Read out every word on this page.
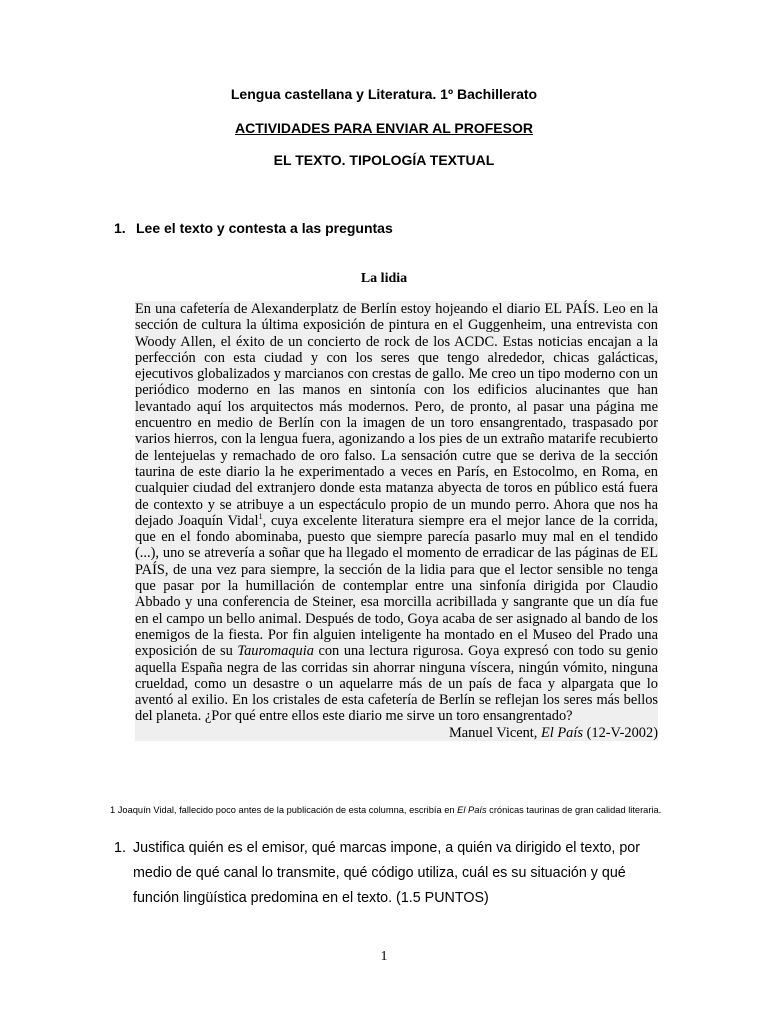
Lengua castellana y Literatura. 1º Bachillerato
ACTIVIDADES PARA ENVIAR AL PROFESOR
EL TEXTO. TIPOLOGÍA TEXTUAL
1. Lee el texto y contesta a las preguntas
La lidia

En una cafetería de Alexanderplatz de Berlín estoy hojeando el diario EL PAÍS. Leo en la sección de cultura la última exposición de pintura en el Guggenheim, una entrevista con Woody Allen, el éxito de un concierto de rock de los ACDC. Estas noticias encajan a la perfección con esta ciudad y con los seres que tengo alrededor, chicas galácticas, ejecutivos globalizados y marcianos con crestas de gallo. Me creo un tipo moderno con un periódico moderno en las manos en sintonía con los edificios alucinantes que han levantado aquí los arquitectos más modernos. Pero, de pronto, al pasar una página me encuentro en medio de Berlín con la imagen de un toro ensangrentado, traspasado por varios hierros, con la lengua fuera, agonizando a los pies de un extraño matarife recubierto de lentejuelas y remachado de oro falso. La sensación cutre que se deriva de la sección taurina de este diario la he experimentado a veces en París, en Estocolmo, en Roma, en cualquier ciudad del extranjero donde esta matanza abyecta de toros en público está fuera de contexto y se atribuye a un espectáculo propio de un mundo perro. Ahora que nos ha dejado Joaquín Vidal$^1$, cuya excelente literatura siempre era el mejor lance de la corrida, que en el fondo abominaba, puesto que siempre parecía pasarlo muy mal en el tendido (...), uno se atrevería a soñar que ha llegado el momento de erradicar de las páginas de EL PAÍS, de una vez para siempre, la sección de la lidia para que el lector sensible no tenga que pasar por la humillación de contemplar entre una sinfonía dirigida por Claudio Abbado y una conferencia de Steiner, esa morcilla acribillada y sangrante que un día fue en el campo un bello animal. Después de todo, Goya acaba de ser asignado al bando de los enemigos de la fiesta. Por fin alguien inteligente ha montado en el Museo del Prado una exposición de su Tauromaquia con una lectura rigurosa. Goya expresó con todo su genio aquella España negra de las corridas sin ahorrar ninguna víscera, ningún vómito, ninguna crueldad, como un desastre o un aquelarre más de un país de faca y alpargata que lo aventó al exilio. En los cristales de esta cafetería de Berlín se reflejan los seres más bellos del planeta. ¿Por qué entre ellos este diario me sirve un toro ensangrentado?

Manuel Vicent, El País (12-V-2002)

1 Joaquín Vidal, fallecido poco antes de la publicación de esta columna, escribía en El País crónicas taurinas de gran calidad literaria.
1. Justifica quién es el emisor, qué marcas impone, a quién va dirigido el texto, por medio de qué canal lo transmite, qué código utiliza, cuál es su situación y qué función lingüística predomina en el texto. (1.5 PUNTOS)
1
